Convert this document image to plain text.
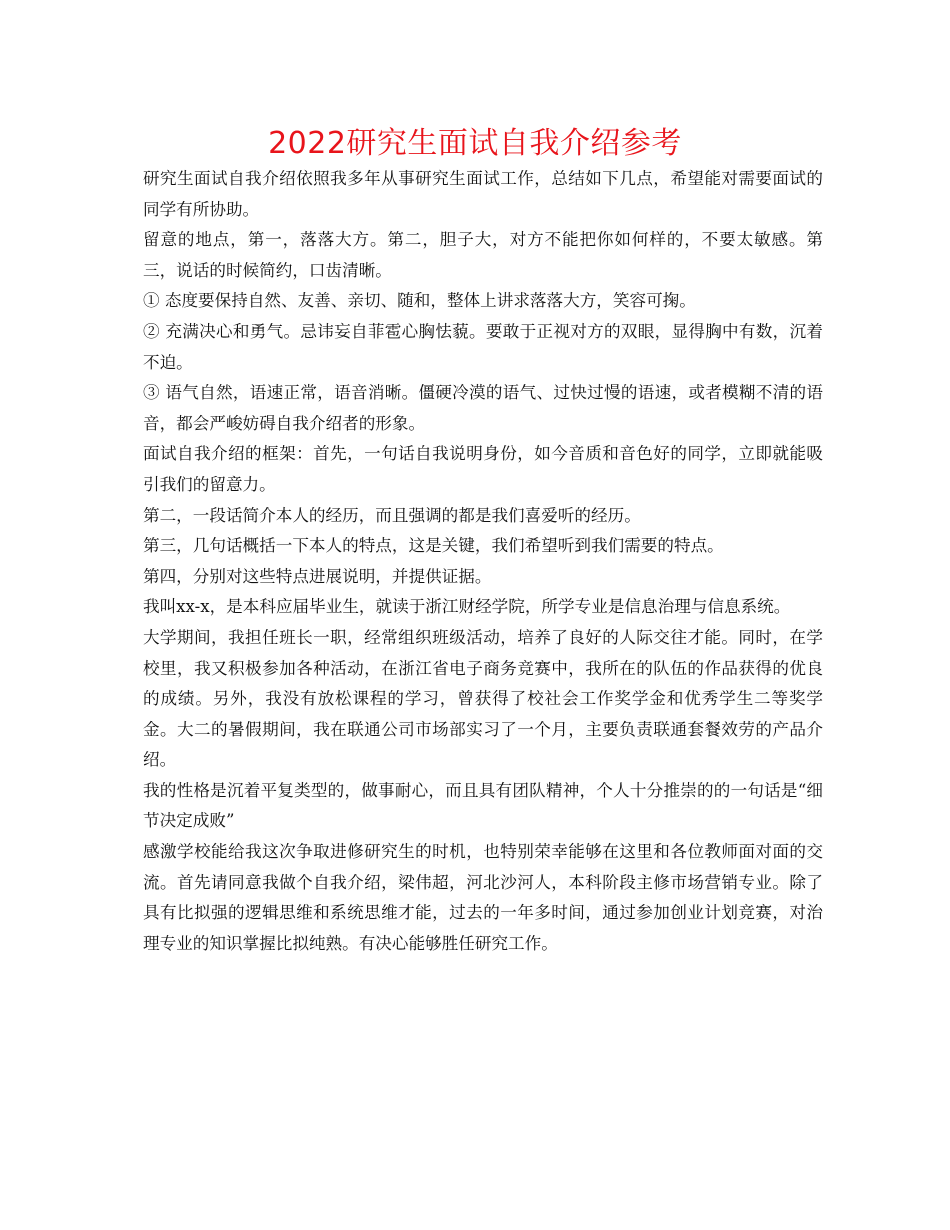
2022研究生面试自我介绍参考

研究生面试自我介绍依照我多年从事研究生面试工作，总结如下几点，希望能对需要面试的同学有所协助。

留意的地点，第一，落落大方。第二，胆子大，对方不能把你如何样的，不要太敏感。第三，说话的时候简约，口齿清晰。

① 态度要保持自然、友善、亲切、随和，整体上讲求落落大方，笑容可掬。

② 充满决心和勇气。忌讳妄自菲雹心胸怯藐。要敢于正视对方的双眼，显得胸中有数，沉着不迫。

③ 语气自然，语速正常，语音消晰。僵硬冷漠的语气、过快过慢的语速，或者模糊不清的语音，都会严峻妨碍自我介绍者的形象。

面试自我介绍的框架：首先，一句话自我说明身份，如今音质和音色好的同学，立即就能吸引我们的留意力。

第二，一段话简介本人的经历，而且强调的都是我们喜爱听的经历。

第三，几句话概括一下本人的特点，这是关键，我们希望听到我们需要的特点。

第四，分别对这些特点进展说明，并提供证据。

我叫xx-x，是本科应届毕业生，就读于浙江财经学院，所学专业是信息治理与信息系统。

大学期间，我担任班长一职，经常组织班级活动，培养了良好的人际交往才能。同时，在学校里，我又积极参加各种活动，在浙江省电子商务竞赛中，我所在的队伍的作品获得的优良的成绩。另外，我没有放松课程的学习，曾获得了校社会工作奖学金和优秀学生二等奖学金。大二的暑假期间，我在联通公司市场部实习了一个月，主要负责联通套餐效劳的产品介绍。

我的性格是沉着平复类型的，做事耐心，而且具有团队精神，个人十分推崇的的一句话是“细节决定成败”

感激学校能给我这次争取进修研究生的时机，也特别荣幸能够在这里和各位教师面对面的交流。首先请同意我做个自我介绍，梁伟超，河北沙河人，本科阶段主修市场营销专业。除了具有比拟强的逻辑思维和系统思维才能，过去的一年多时间，通过参加创业计划竞赛，对治理专业的知识掌握比拟纯熟。有决心能够胜任研究工作。
